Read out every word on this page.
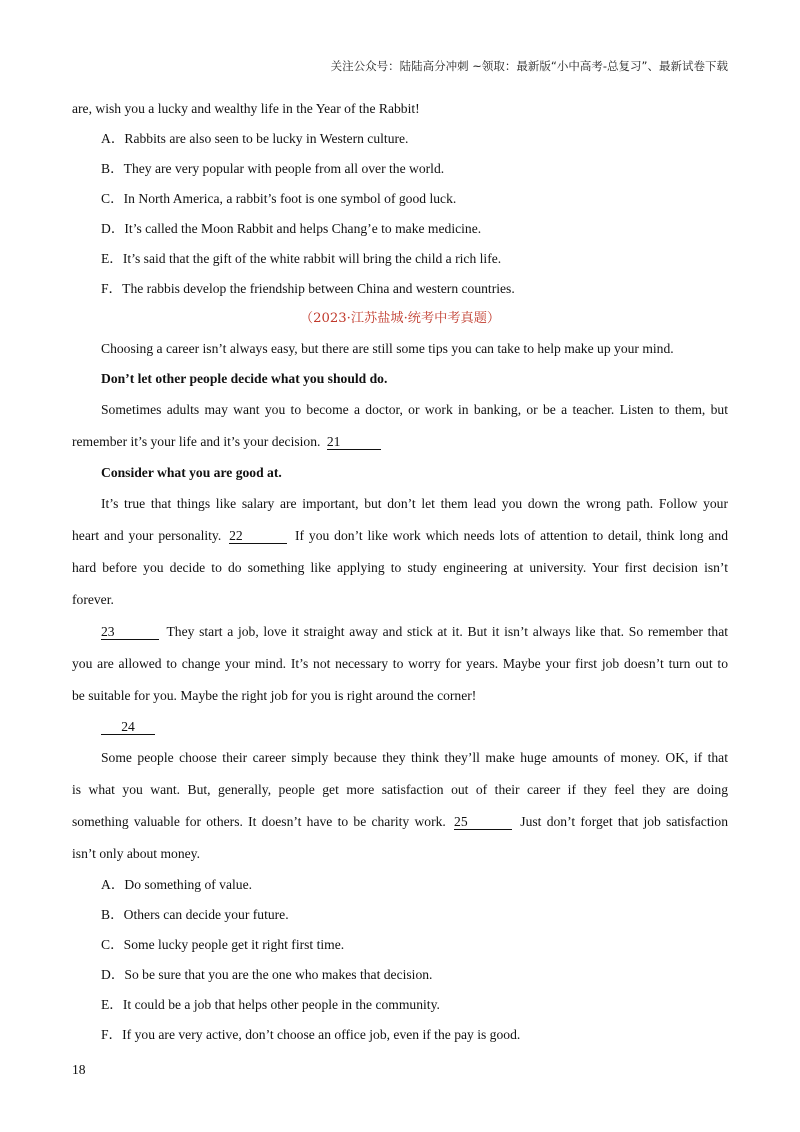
关注公众号：陆陆高分冲刺 ~领取：最新版“小中高考-总复习”、最新试卷下载
are, wish you a lucky and wealthy life in the Year of the Rabbit!
A．Rabbits are also seen to be lucky in Western culture.
B．They are very popular with people from all over the world.
C．In North America, a rabbit’s foot is one symbol of good luck.
D．It’s called the Moon Rabbit and helps Chang’e to make medicine.
E．It’s said that the gift of the white rabbit will bring the child a rich life.
F．The rabbis develop the friendship between China and western countries.
（2023·江苏盐城·统考中考真题）
Choosing a career isn’t always easy, but there are still some tips you can take to help make up your mind.
Don’t let other people decide what you should do.
Sometimes adults may want you to become a doctor, or work in banking, or be a teacher. Listen to them, but
remember it’s your life and it’s your decision. 21
Consider what you are good at.
It’s true that things like salary are important, but don’t let them lead you down the wrong path. Follow your
heart and your personality. 22	If you don’t like work which needs lots of attention to detail, think long and
hard before you decide to do something like applying to study engineering at university. Your first decision isn’t
forever.
23	They start a job, love it straight away and stick at it. But it isn’t always like that. So remember that
you are allowed to change your mind. It’s not necessary to worry for years. Maybe your first job doesn’t turn out to
be suitable for you. Maybe the right job for you is right around the corner!
24
Some people choose their career simply because they think they’ll make huge amounts of money. OK, if that
is what you want. But, generally, people get more satisfaction out of their career if they feel they are doing
something valuable for others. It doesn’t have to be charity work. 25	Just don’t forget that job satisfaction
isn’t only about money.
A．Do something of value.
B．Others can decide your future.
C．Some lucky people get it right first time.
D．So be sure that you are the one who makes that decision.
E．It could be a job that helps other people in the community.
F．If you are very active, don’t choose an office job, even if the pay is good.
18
